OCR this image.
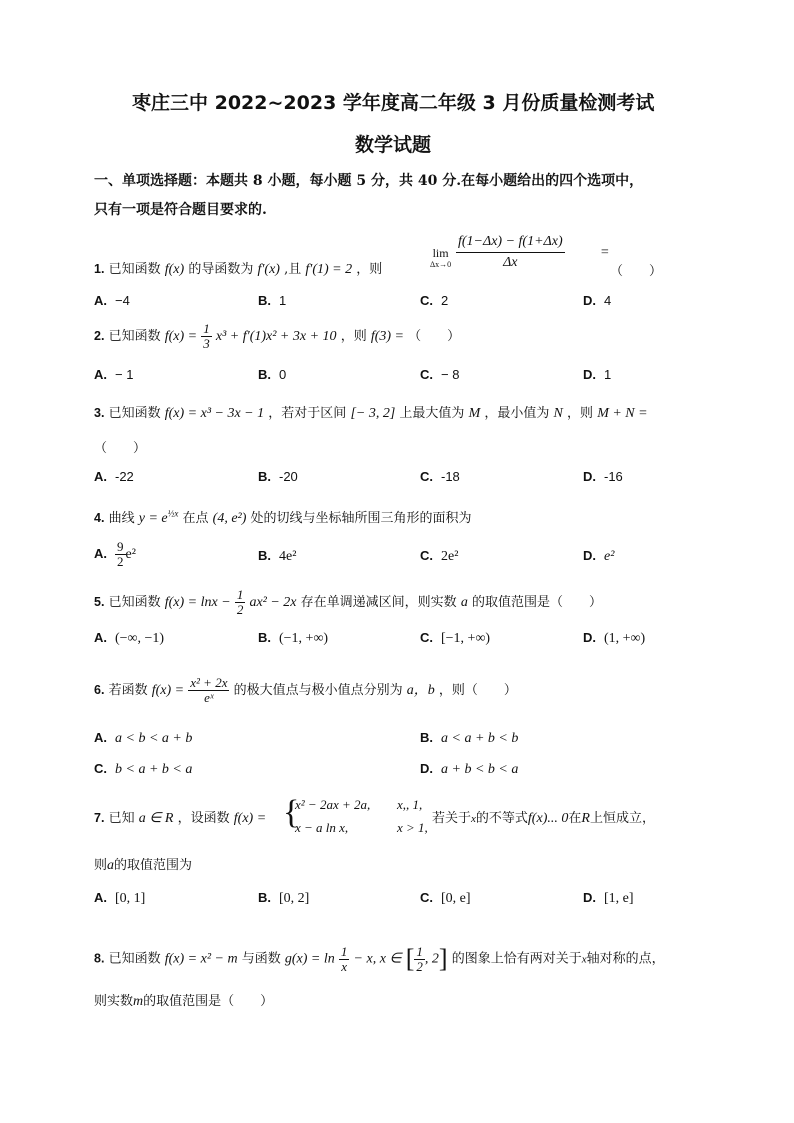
枣庄三中 2022~2023 学年度高二年级 3 月份质量检测考试
数学试题
一、单项选择题：本题共 8 小题，每小题 5 分，共 40 分.在每小题给出的四个选项中，
只有一项是符合题目要求的.
1. 已知函数 f(x) 的导函数为 f′(x) ,且 f′(1) = 2 ，则
lim
$\Delta x\to 0 \frac{f(1-\Delta x) - f(1+\Delta x)}{\Delta x}$	=
（　　）
A. −4	B. 1	C. 2	D. 4
2. 已知函数 $f(x) = \frac{1}{3} x^3 + f'(1)x^2 + 3x + 10$ ，则 f(3) = （　　）
A. − 1	B. 0	C. − 8	D. 1
3. 已知函数 f(x) = x³ − 3x − 1 ，若对于区间 [− 3, 2] 上最大值为 M ，最小值为 N ，则 M + N =
（　　）
A. -22	B. -20	C. -18	D. -16
4. 曲线 $y = e^{\frac{1}{2}x}$ 在点 (4, e²) 处的切线与坐标轴所围三角形的面积为
A. $\frac{9}{2} e^2$	B. 4e²	C. 2e²	D. e²
5. 已知函数 $f(x) = \ln x - \frac{1}{2} ax^2 - 2x$ 存在单调递减区间，则实数 a 的取值范围是（　　）
A. (−∞, −1)	B. (−1, +∞)	C. [−1, +∞)	D. (1, +∞)
6. 若函数 $f(x) = \frac{\text{x² + 2x}}{\text{eˣ}}$ 的极大值点与极小值点分别为 a，b ，则（　　）
A. a < b < a + b	B. a < a + b < b
C. b < a + b < a	D. a + b < b < a
7. 已知 a ∈ R ，设函数 f(x) = {
x² − 2ax + 2a, x,, 1,
x − a ln x,	x > 1,
若关于x的不等式f(x)... 0在R上恒成立，
则a的取值范围为
A. [0, 1]	B. [0, 2]	C. [0, e]	D. [1, e]
8. 已知函数 f(x) = x² − m 与函数 $g(x) = \ln \frac{1}{x} - x$, x ∈ [ $\frac{1}{2}$ , 2] 的图象上恰有两对关于x轴对称的点，
则实数m的取值范围是（　　）
